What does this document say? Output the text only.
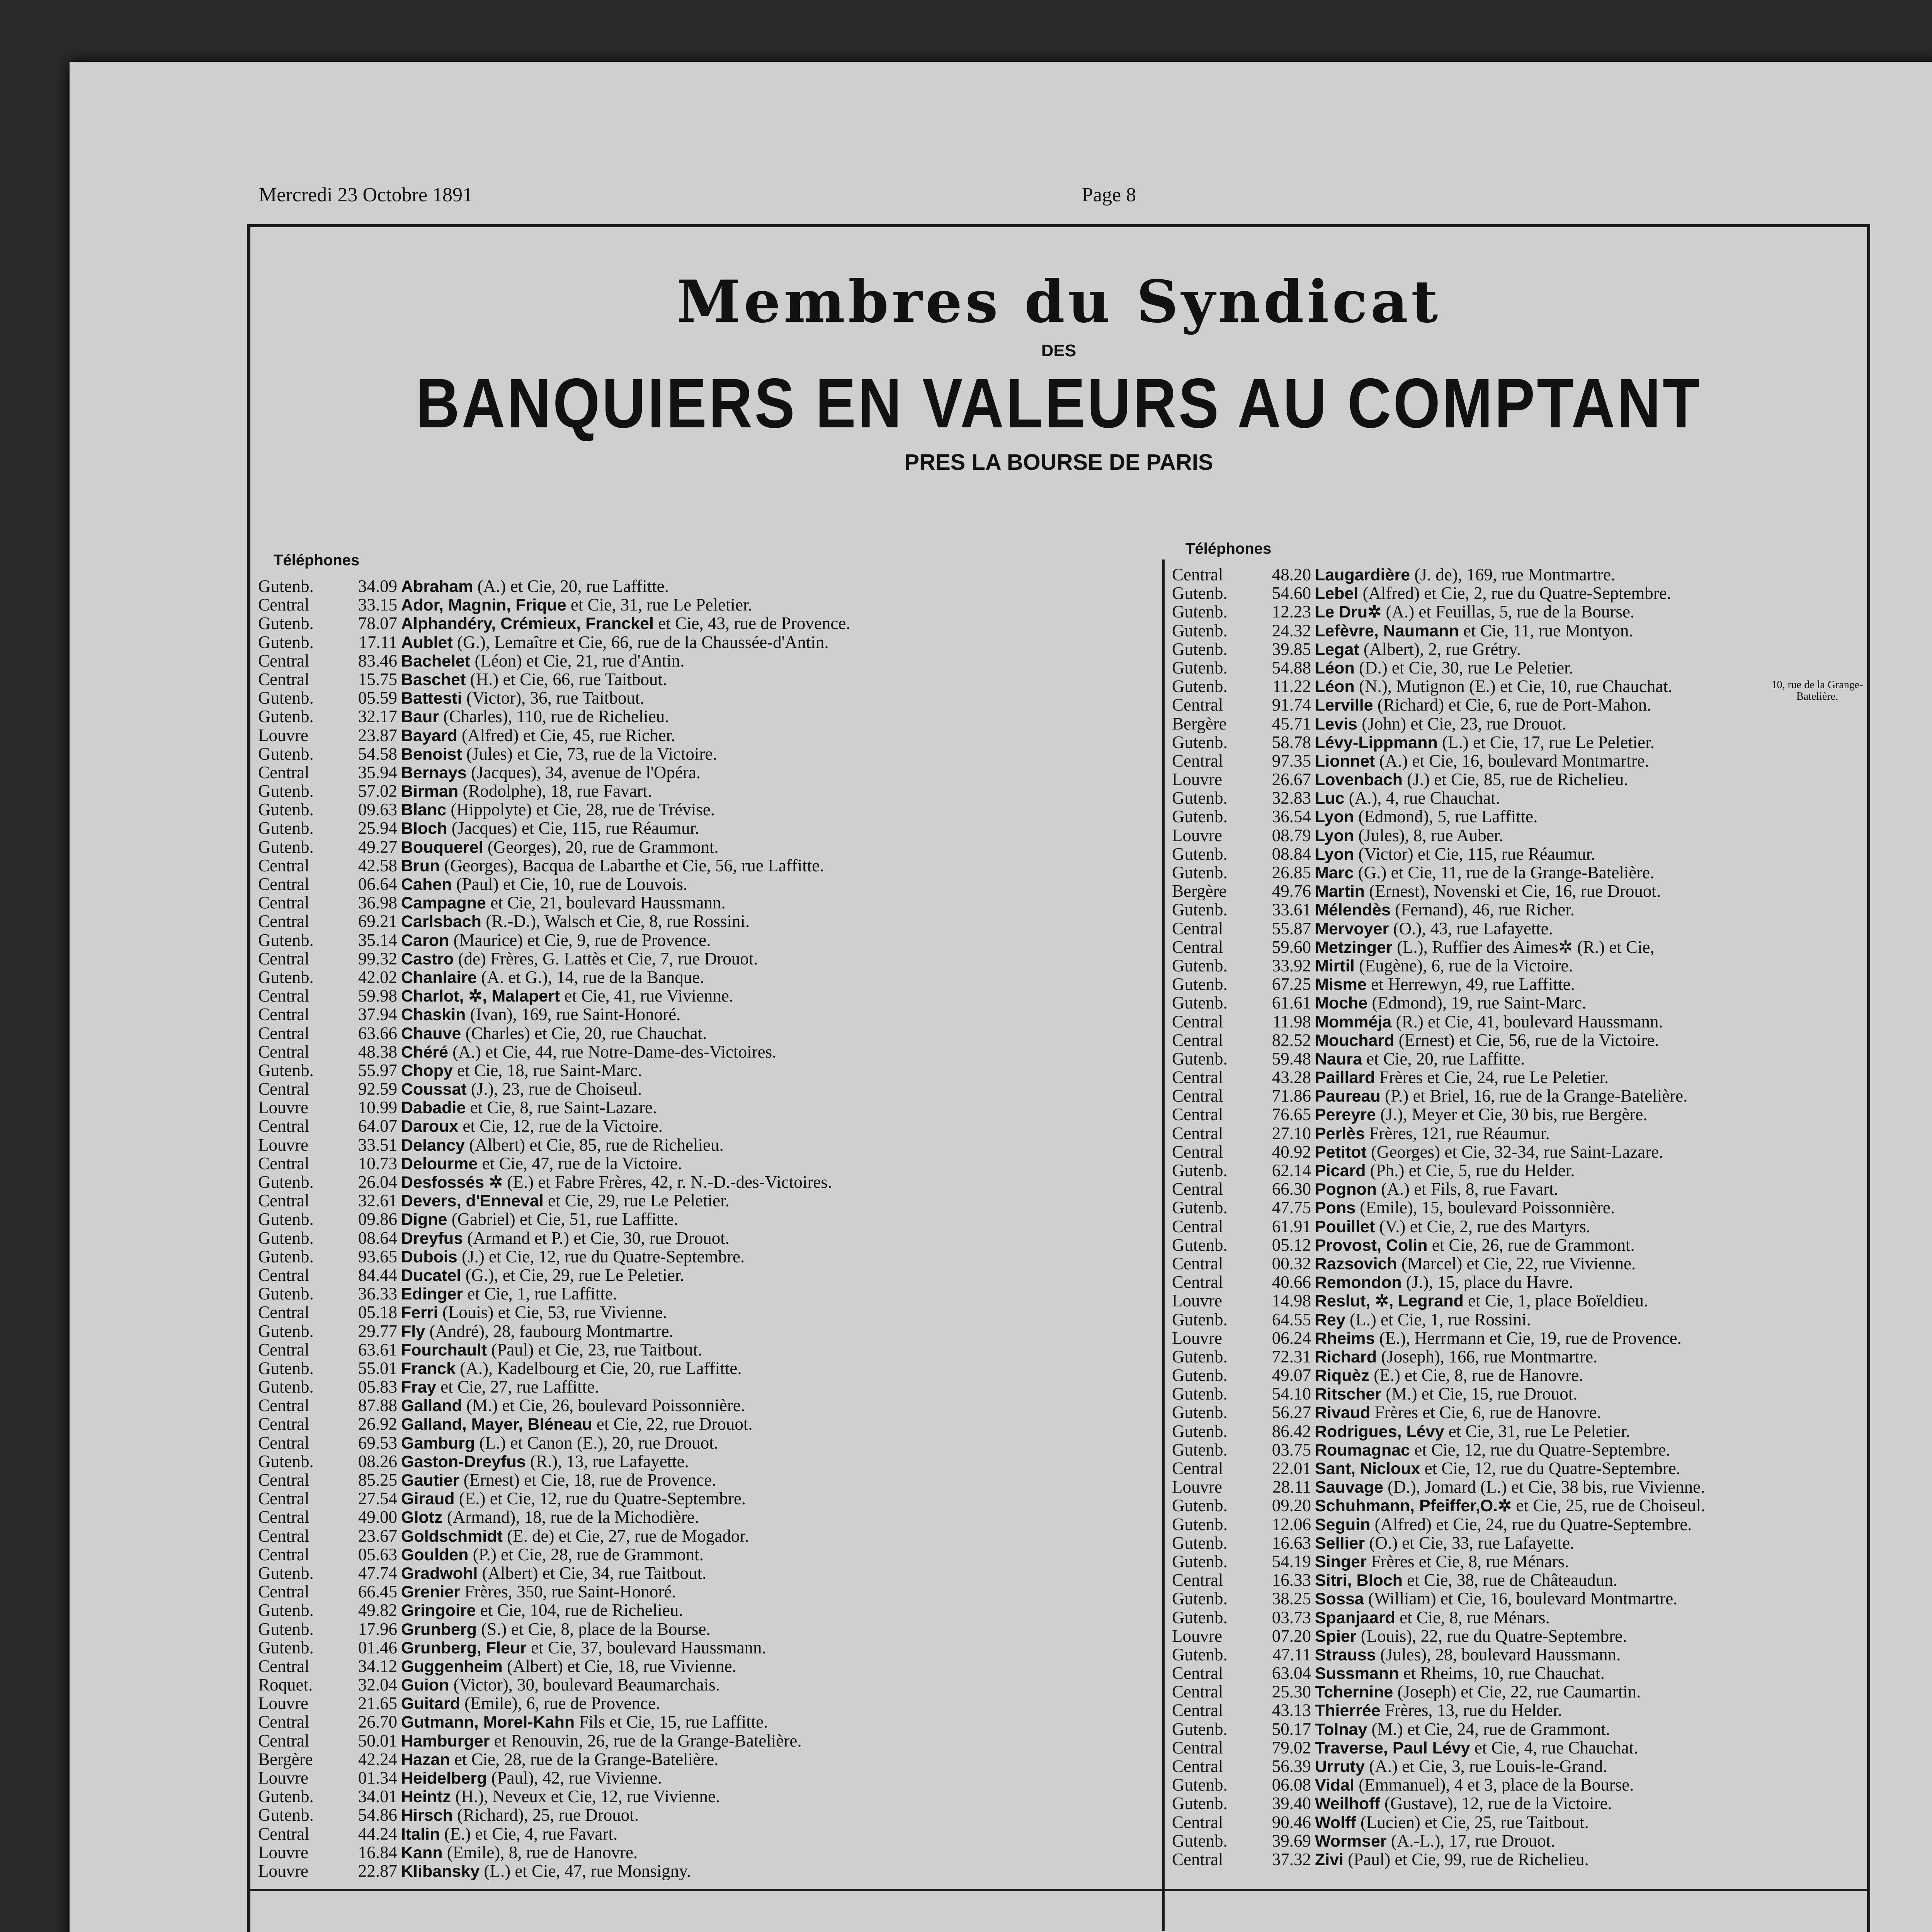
Mercredi 23 Octobre 1891	Page 8
Membres du Syndicat
DES
BANQUIERS EN VALEURS AU COMPTANT
PRES LA BOURSE DE PARIS
Téléphones
Téléphones
Gutenb.	34.09 Abraham (A.) et Cie, 20, rue Laffitte.
Central	33.15 Ador, Magnin, Frique et Cie, 31, rue Le Peletier.
Gutenb.	78.07 Alphandéry, Crémieux, Franckel et Cie, 43, rue de Provence.
Gutenb.	17.11 Aublet (G.), Lemaître et Cie, 66, rue de la Chaussée-d'Antin.
Central	83.46 Bachelet (Léon) et Cie, 21, rue d'Antin.
Central	15.75 Baschet (H.) et Cie, 66, rue Taitbout.
Gutenb.	05.59 Battesti (Victor), 36, rue Taitbout.
Gutenb.	32.17 Baur (Charles), 110, rue de Richelieu.
Louvre	23.87 Bayard (Alfred) et Cie, 45, rue Richer.
Gutenb.	54.58 Benoist (Jules) et Cie, 73, rue de la Victoire.
Central	35.94 Bernays (Jacques), 34, avenue de l'Opéra.
Gutenb.	57.02 Birman (Rodolphe), 18, rue Favart.
Gutenb.	09.63 Blanc (Hippolyte) et Cie, 28, rue de Trévise.
Gutenb.	25.94 Bloch (Jacques) et Cie, 115, rue Réaumur.
Gutenb.	49.27 Bouquerel (Georges), 20, rue de Grammont.
Central	42.58 Brun (Georges), Bacqua de Labarthe et Cie, 56, rue Laffitte.
Central	06.64 Cahen (Paul) et Cie, 10, rue de Louvois.
Central	36.98 Campagne et Cie, 21, boulevard Haussmann.
Central	69.21 Carlsbach (R.-D.), Walsch et Cie, 8, rue Rossini.
Gutenb.	35.14 Caron (Maurice) et Cie, 9, rue de Provence.
Central	99.32 Castro (de) Frères, G. Lattès et Cie, 7, rue Drouot.
Gutenb.	42.02 Chanlaire (A. et G.), 14, rue de la Banque.
Central	59.98 Charlot, ✲, Malapert et Cie, 41, rue Vivienne.
Central	37.94 Chaskin (Ivan), 169, rue Saint-Honoré.
Central	63.66 Chauve (Charles) et Cie, 20, rue Chauchat.
Central	48.38 Chéré (A.) et Cie, 44, rue Notre-Dame-des-Victoires.
Gutenb.	55.97 Chopy et Cie, 18, rue Saint-Marc.
Central	92.59 Coussat (J.), 23, rue de Choiseul.
Louvre	10.99 Dabadie et Cie, 8, rue Saint-Lazare.
Central	64.07 Daroux et Cie, 12, rue de la Victoire.
Louvre	33.51 Delancy (Albert) et Cie, 85, rue de Richelieu.
Central	10.73 Delourme et Cie, 47, rue de la Victoire.
Gutenb.	26.04 Desfossés ✲ (E.) et Fabre Frères, 42, r. N.-D.-des-Victoires.
Central	32.61 Devers, d'Enneval et Cie, 29, rue Le Peletier.
Gutenb.	09.86 Digne (Gabriel) et Cie, 51, rue Laffitte.
Gutenb.	08.64 Dreyfus (Armand et P.) et Cie, 30, rue Drouot.
Gutenb.	93.65 Dubois (J.) et Cie, 12, rue du Quatre-Septembre.
Central	84.44 Ducatel (G.), et Cie, 29, rue Le Peletier.
Gutenb.	36.33 Edinger et Cie, 1, rue Laffitte.
Central	05.18 Ferri (Louis) et Cie, 53, rue Vivienne.
Gutenb.	29.77 Fly (André), 28, faubourg Montmartre.
Central	63.61 Fourchault (Paul) et Cie, 23, rue Taitbout.
Gutenb.	55.01 Franck (A.), Kadelbourg et Cie, 20, rue Laffitte.
Gutenb.	05.83 Fray et Cie, 27, rue Laffitte.
Central	87.88 Galland (M.) et Cie, 26, boulevard Poissonnière.
Central	26.92 Galland, Mayer, Bléneau et Cie, 22, rue Drouot.
Central	69.53 Gamburg (L.) et Canon (E.), 20, rue Drouot.
Gutenb.	08.26 Gaston-Dreyfus (R.), 13, rue Lafayette.
Central	85.25 Gautier (Ernest) et Cie, 18, rue de Provence.
Central	27.54 Giraud (E.) et Cie, 12, rue du Quatre-Septembre.
Central	49.00 Glotz (Armand), 18, rue de la Michodière.
Central	23.67 Goldschmidt (E. de) et Cie, 27, rue de Mogador.
Central	05.63 Goulden (P.) et Cie, 28, rue de Grammont.
Gutenb.	47.74 Gradwohl (Albert) et Cie, 34, rue Taitbout.
Central	66.45 Grenier Frères, 350, rue Saint-Honoré.
Gutenb.	49.82 Gringoire et Cie, 104, rue de Richelieu.
Gutenb.	17.96 Grunberg (S.) et Cie, 8, place de la Bourse.
Gutenb.	01.46 Grunberg, Fleur et Cie, 37, boulevard Haussmann.
Central	34.12 Guggenheim (Albert) et Cie, 18, rue Vivienne.
Roquet.	32.04 Guion (Victor), 30, boulevard Beaumarchais.
Louvre	21.65 Guitard (Emile), 6, rue de Provence.
Central	26.70 Gutmann, Morel-Kahn Fils et Cie, 15, rue Laffitte.
Central	50.01 Hamburger et Renouvin, 26, rue de la Grange-Batelière.
Bergère	42.24 Hazan et Cie, 28, rue de la Grange-Batelière.
Louvre	01.34 Heidelberg (Paul), 42, rue Vivienne.
Gutenb.	34.01 Heintz (H.), Neveux et Cie, 12, rue Vivienne.
Gutenb.	54.86 Hirsch (Richard), 25, rue Drouot.
Central	44.24 Italin (E.) et Cie, 4, rue Favart.
Louvre	16.84 Kann (Emile), 8, rue de Hanovre.
Louvre	22.87 Klibansky (L.) et Cie, 47, rue Monsigny.
Central	48.20 Laugardière (J. de), 169, rue Montmartre.
Gutenb.	54.60 Lebel (Alfred) et Cie, 2, rue du Quatre-Septembre.
Gutenb.	12.23 Le Dru✲ (A.) et Feuillas, 5, rue de la Bourse.
Gutenb.	24.32 Lefèvre, Naumann et Cie, 11, rue Montyon.
Gutenb.	39.85 Legat (Albert), 2, rue Grétry.
Gutenb.	54.88 Léon (D.) et Cie, 30, rue Le Peletier.
Gutenb.	11.22 Léon (N.), Mutignon (E.) et Cie, 10, rue Chauchat.
Central	91.74 Lerville (Richard) et Cie, 6, rue de Port-Mahon.
Bergère	45.71 Levis (John) et Cie, 23, rue Drouot.
Gutenb.	58.78 Lévy-Lippmann (L.) et Cie, 17, rue Le Peletier.
Central	97.35 Lionnet (A.) et Cie, 16, boulevard Montmartre.
Louvre	26.67 Lovenbach (J.) et Cie, 85, rue de Richelieu.
Gutenb.	32.83 Luc (A.), 4, rue Chauchat.
Gutenb.	36.54 Lyon (Edmond), 5, rue Laffitte.
Louvre	08.79 Lyon (Jules), 8, rue Auber.
Gutenb.	08.84 Lyon (Victor) et Cie, 115, rue Réaumur.
Gutenb.	26.85 Marc (G.) et Cie, 11, rue de la Grange-Batelière.
Bergère	49.76 Martin (Ernest), Novenski et Cie, 16, rue Drouot.
Gutenb.	33.61 Mélendès (Fernand), 46, rue Richer.
Central	55.87 Mervoyer (O.), 43, rue Lafayette.
Central	59.60 Metzinger (L.), Ruffier des Aimes✲ (R.) et Cie,
Gutenb.	33.92 Mirtil (Eugène), 6, rue de la Victoire.
Gutenb.	67.25 Misme et Herrewyn, 49, rue Laffitte.
Gutenb.	61.61 Moche (Edmond), 19, rue Saint-Marc.
Central	11.98 Momméja (R.) et Cie, 41, boulevard Haussmann.
Central	82.52 Mouchard (Ernest) et Cie, 56, rue de la Victoire.
Gutenb.	59.48 Naura et Cie, 20, rue Laffitte.
Central	43.28 Paillard Frères et Cie, 24, rue Le Peletier.
Central	71.86 Paureau (P.) et Briel, 16, rue de la Grange-Batelière.
Central	76.65 Pereyre (J.), Meyer et Cie, 30 bis, rue Bergère.
Central	27.10 Perlès Frères, 121, rue Réaumur.
Central	40.92 Petitot (Georges) et Cie, 32-34, rue Saint-Lazare.
Gutenb.	62.14 Picard (Ph.) et Cie, 5, rue du Helder.
Central	66.30 Pognon (A.) et Fils, 8, rue Favart.
Gutenb.	47.75 Pons (Emile), 15, boulevard Poissonnière.
Central	61.91 Pouillet (V.) et Cie, 2, rue des Martyrs.
Gutenb.	05.12 Provost, Colin et Cie, 26, rue de Grammont.
Central	00.32 Razsovich (Marcel) et Cie, 22, rue Vivienne.
Central	40.66 Remondon (J.), 15, place du Havre.
Louvre	14.98 Reslut, ✲, Legrand et Cie, 1, place Boïeldieu.
Gutenb.	64.55 Rey (L.) et Cie, 1, rue Rossini.
Louvre	06.24 Rheims (E.), Herrmann et Cie, 19, rue de Provence.
Gutenb.	72.31 Richard (Joseph), 166, rue Montmartre.
Gutenb.	49.07 Riquèz (E.) et Cie, 8, rue de Hanovre.
Gutenb.	54.10 Ritscher (M.) et Cie, 15, rue Drouot.
Gutenb.	56.27 Rivaud Frères et Cie, 6, rue de Hanovre.
Gutenb.	86.42 Rodrigues, Lévy et Cie, 31, rue Le Peletier.
Gutenb.	03.75 Roumagnac et Cie, 12, rue du Quatre-Septembre.
Central	22.01 Sant, Nicloux et Cie, 12, rue du Quatre-Septembre.
Louvre	28.11 Sauvage (D.), Jomard (L.) et Cie, 38 bis, rue Vivienne.
Gutenb.	09.20 Schuhmann, Pfeiffer,O.✲ et Cie, 25, rue de Choiseul.
Gutenb.	12.06 Seguin (Alfred) et Cie, 24, rue du Quatre-Septembre.
Gutenb.	16.63 Sellier (O.) et Cie, 33, rue Lafayette.
Gutenb.	54.19 Singer Frères et Cie, 8, rue Ménars.
Central	16.33 Sitri, Bloch et Cie, 38, rue de Châteaudun.
Gutenb.	38.25 Sossa (William) et Cie, 16, boulevard Montmartre.
Gutenb.	03.73 Spanjaard et Cie, 8, rue Ménars.
Louvre	07.20 Spier (Louis), 22, rue du Quatre-Septembre.
Gutenb.	47.11 Strauss (Jules), 28, boulevard Haussmann.
Central	63.04 Sussmann et Rheims, 10, rue Chauchat.
Central	25.30 Tchernine (Joseph) et Cie, 22, rue Caumartin.
Central	43.13 Thierrée Frères, 13, rue du Helder.
Gutenb.	50.17 Tolnay (M.) et Cie, 24, rue de Grammont.
Central	79.02 Traverse, Paul Lévy et Cie, 4, rue Chauchat.
Central	56.39 Urruty (A.) et Cie, 3, rue Louis-le-Grand.
Gutenb.	06.08 Vidal (Emmanuel), 4 et 3, place de la Bourse.
Gutenb.	39.40 Weilhoff (Gustave), 12, rue de la Victoire.
Central	90.46 Wolff (Lucien) et Cie, 25, rue Taitbout.
Gutenb.	39.69 Wormser (A.-L.), 17, rue Drouot.
Central	37.32 Zivi (Paul) et Cie, 99, rue de Richelieu.
10, rue de la Grange-Batelière.
